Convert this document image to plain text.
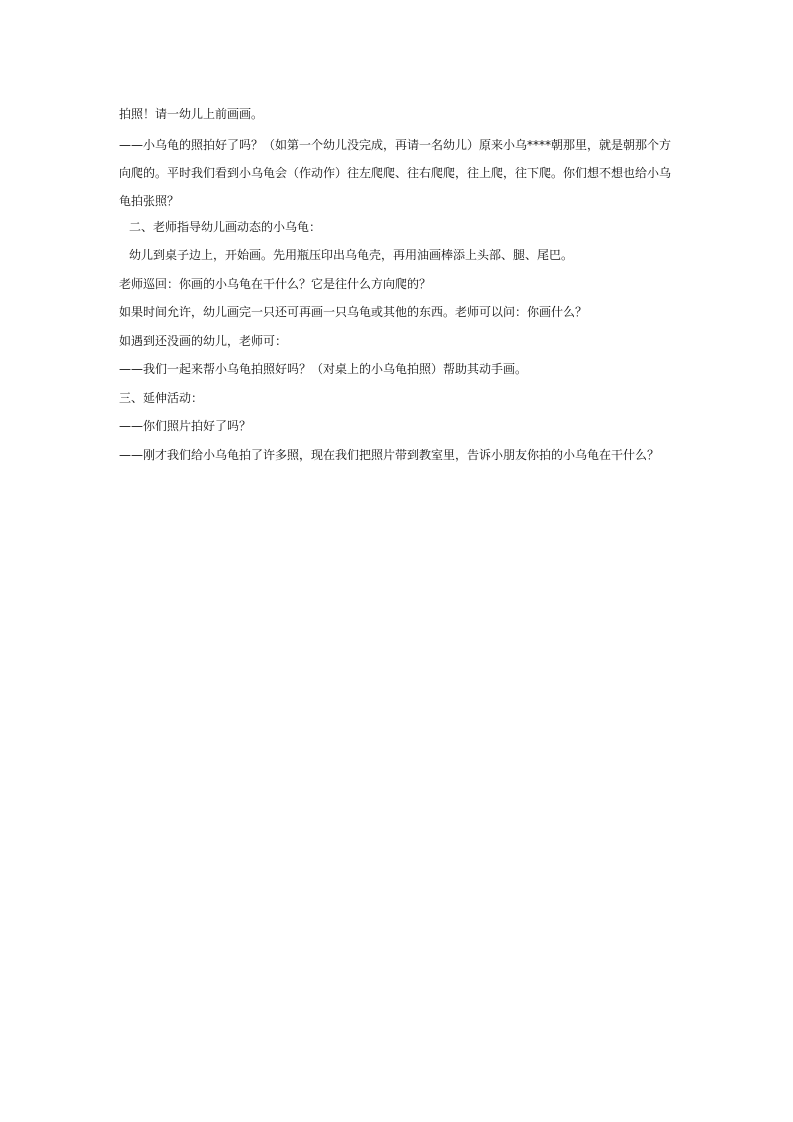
拍照！请一幼儿上前画画。

——小乌龟的照拍好了吗？（如第一个幼儿没完成，再请一名幼儿）原来小乌****朝那里，就是朝那个方向爬的。平时我们看到小乌龟会（作动作）往左爬爬、往右爬爬，往上爬，往下爬。你们想不想也给小乌龟拍张照？

二、老师指导幼儿画动态的小乌龟：

幼儿到桌子边上，开始画。先用瓶压印出乌龟壳，再用油画棒添上头部、腿、尾巴。

老师巡回：你画的小乌龟在干什么？它是往什么方向爬的？

如果时间允许，幼儿画完一只还可再画一只乌龟或其他的东西。老师可以问：你画什么？

如遇到还没画的幼儿，老师可：

——我们一起来帮小乌龟拍照好吗？（对桌上的小乌龟拍照）帮助其动手画。

三、延伸活动：

——你们照片拍好了吗？

——刚才我们给小乌龟拍了许多照，现在我们把照片带到教室里，告诉小朋友你拍的小乌龟在干什么？
